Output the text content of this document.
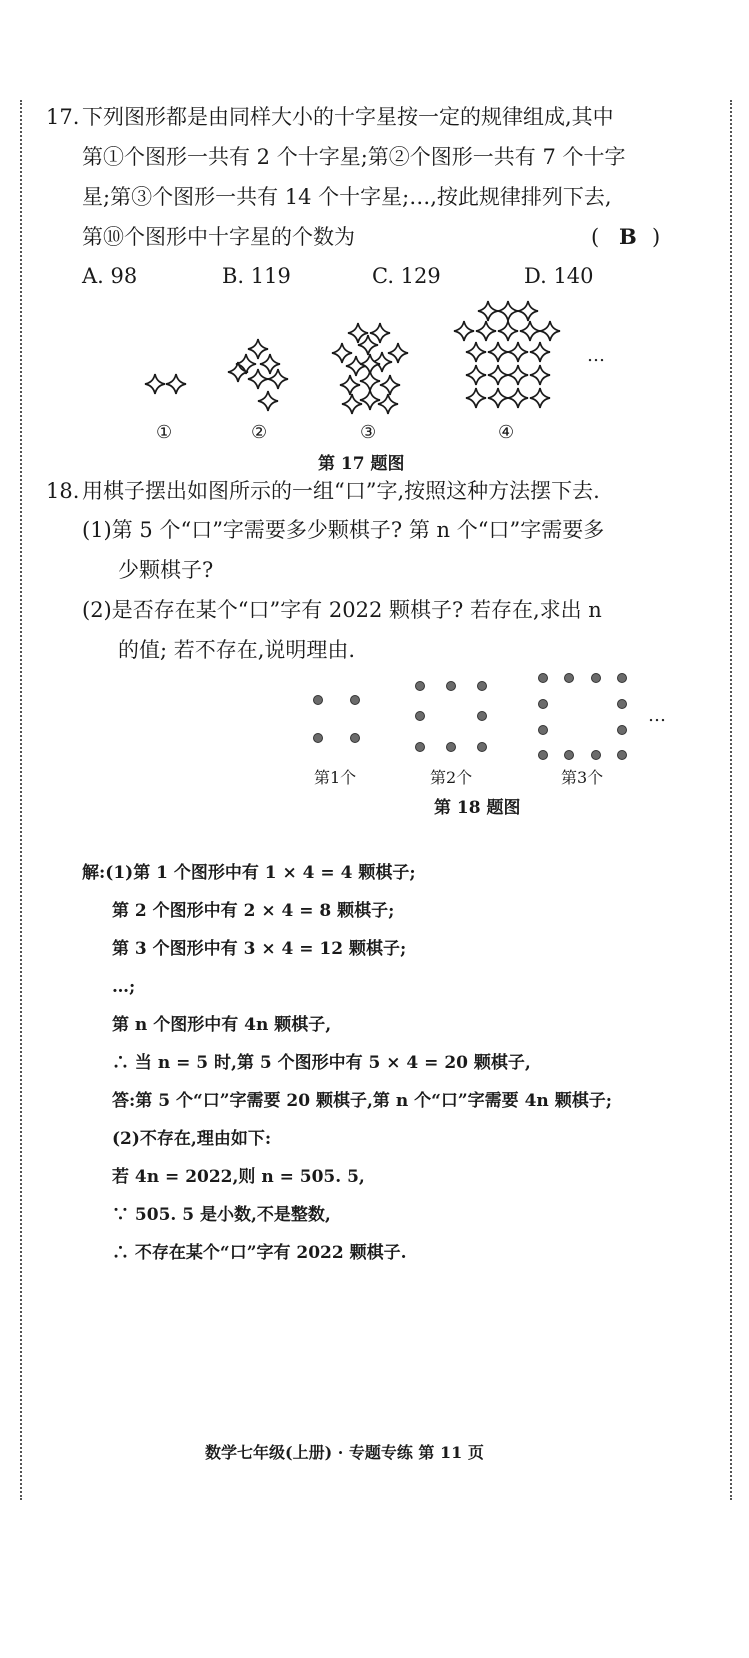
17. 下列图形都是由同样大小的十字星按一定的规律组成,其中
第①个图形一共有 2 个十字星;第②个图形一共有 7 个十字
星;第③个图形一共有 14 个十字星;…,按此规律排列下去,
第⑩个图形中十字星的个数为	( B )
A. 98	B. 119	C. 129	D. 140
…
①	②	③	④
第 17 题图
18. 用棋子摆出如图所示的一组“口”字,按照这种方法摆下去.
(1)第 5 个“口”字需要多少颗棋子? 第 n 个“口”字需要多
少颗棋子?
(2)是否存在某个“口”字有 2022 颗棋子? 若存在,求出 n
的值; 若不存在,说明理由.
…
第1个	第2个	第3个
第 18 题图
解:(1)第 1 个图形中有 1 × 4 = 4 颗棋子;
第 2 个图形中有 2 × 4 = 8 颗棋子;
第 3 个图形中有 3 × 4 = 12 颗棋子;
…;
第 n 个图形中有 4n 颗棋子,
∴ 当 n = 5 时,第 5 个图形中有 5 × 4 = 20 颗棋子,
答:第 5 个“口”字需要 20 颗棋子,第 n 个“口”字需要 4n 颗棋子;
(2)不存在,理由如下:
若 4n = 2022,则 n = 505. 5,
∵ 505. 5 是小数,不是整数,
∴ 不存在某个“口”字有 2022 颗棋子.
数学七年级(上册) · 专题专练 第 11 页
